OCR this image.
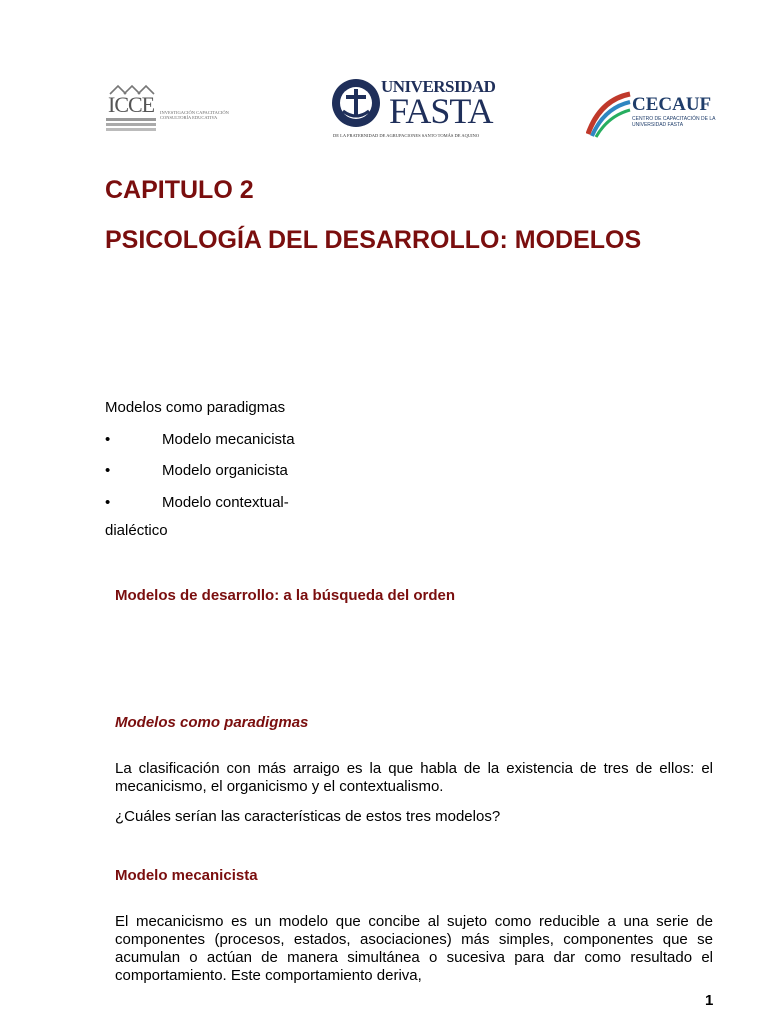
ICCE INVESTIGACIÓN CAPACITACIÓN CONSULTORÍA EDUCATIVA
UNIVERSIDAD
FASTA
DE LA FRATERNIDAD DE AGRUPACIONES SANTO TOMÁS DE AQUINO
CECAUF
CENTRO DE CAPACITACIÓN DE LA UNIVERSIDAD FASTA
CAPITULO 2
PSICOLOGÍA DEL DESARROLLO: MODELOS
Modelos como paradigmas
•	Modelo mecanicista
•	Modelo organicista
•	Modelo contextual-
dialéctico
Modelos de desarrollo: a la búsqueda del orden
Modelos como paradigmas

La clasificación con más arraigo es la que habla de la existencia de tres de ellos: el mecanicismo, el organicismo y el contextualismo.

¿Cuáles serían las características de estos tres modelos?

Modelo mecanicista

El mecanicismo es un modelo que concibe al sujeto como reducible a una serie de componentes (procesos, estados, asociaciones) más simples, componentes que se acumulan o actúan de manera simultánea o sucesiva para dar como resultado el comportamiento. Este comportamiento deriva,

1
